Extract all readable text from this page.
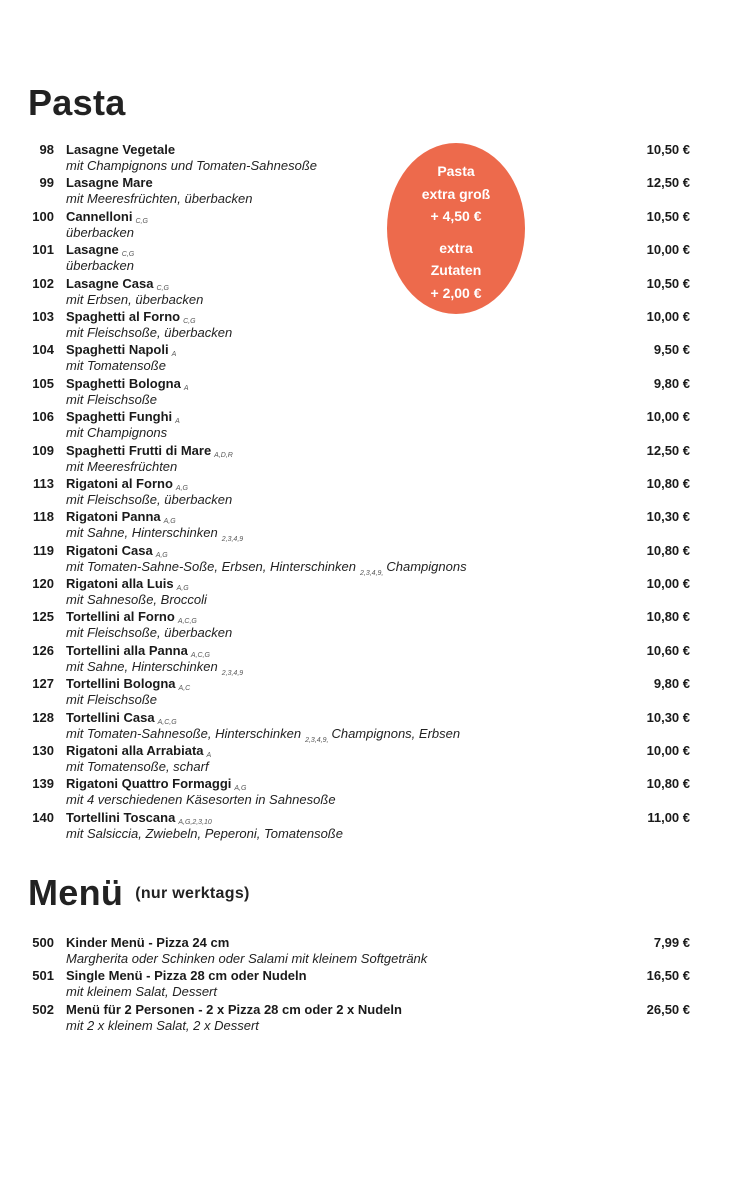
Pasta
98 Lasagne Vegetale
mit Champignons und Tomaten-Sahnesoße
10,50 €
99 Lasagne Mare
mit Meeresfrüchten, überbacken
12,50 €
100 Cannelloni C,G
überbacken
10,50 €
101 Lasagne C,G
überbacken
10,00 €
102 Lasagne Casa C,G
mit Erbsen, überbacken
10,50 €
103 Spaghetti al Forno C,G
mit Fleischsoße, überbacken
10,00 €
104 Spaghetti Napoli A
mit Tomatensoße
9,50 €
105 Spaghetti Bologna A
mit Fleischsoße
9,80 €
106 Spaghetti Funghi A
mit Champignons
10,00 €
109 Spaghetti Frutti di Mare A,D,R
mit Meeresfrüchten
12,50 €
113 Rigatoni al Forno A,G
mit Fleischsoße, überbacken
10,80 €
118 Rigatoni Panna A,G
mit Sahne, Hinterschinken $_{2,3,4,9}$
10,30 €
119 Rigatoni Casa A,G
mit Tomaten-Sahne-Soße, Erbsen, Hinterschinken $_{2,3,4,9,}$ Champignons
10,80 €
120 Rigatoni alla Luis A,G
mit Sahnesoße, Broccoli
10,00 €
125 Tortellini al Forno A,C,G
mit Fleischsoße, überbacken
10,80 €
126 Tortellini alla Panna A,C,G
mit Sahne, Hinterschinken $_{2,3,4,9}$
10,60 €
127 Tortellini Bologna A,C
mit Fleischsoße
9,80 €
128 Tortellini Casa A,C,G
mit Tomaten-Sahnesoße, Hinterschinken $_{2,3,4,9,}$ Champignons, Erbsen
10,30 €
130 Rigatoni alla Arrabiata A
mit Tomatensoße, scharf
10,00 €
139 Rigatoni Quattro Formaggi A,G
mit 4 verschiedenen Käsesorten in Sahnesoße
10,80 €
140 Tortellini Toscana A,G,2,3,10
mit Salsiccia, Zwiebeln, Peperoni, Tomatensoße
11,00 €
Pasta
extra groß
+ 4,50 €
extra
Zutaten
+ 2,00 €
Menü (nur werktags)
500 Kinder Menü - Pizza 24 cm
Margherita oder Schinken oder Salami mit kleinem Softgetränk
7,99 €
501 Single Menü - Pizza 28 cm oder Nudeln
mit kleinem Salat, Dessert
16,50 €
502 Menü für 2 Personen - 2 x Pizza 28 cm oder 2 x Nudeln
mit 2 x kleinem Salat, 2 x Dessert
26,50 €
